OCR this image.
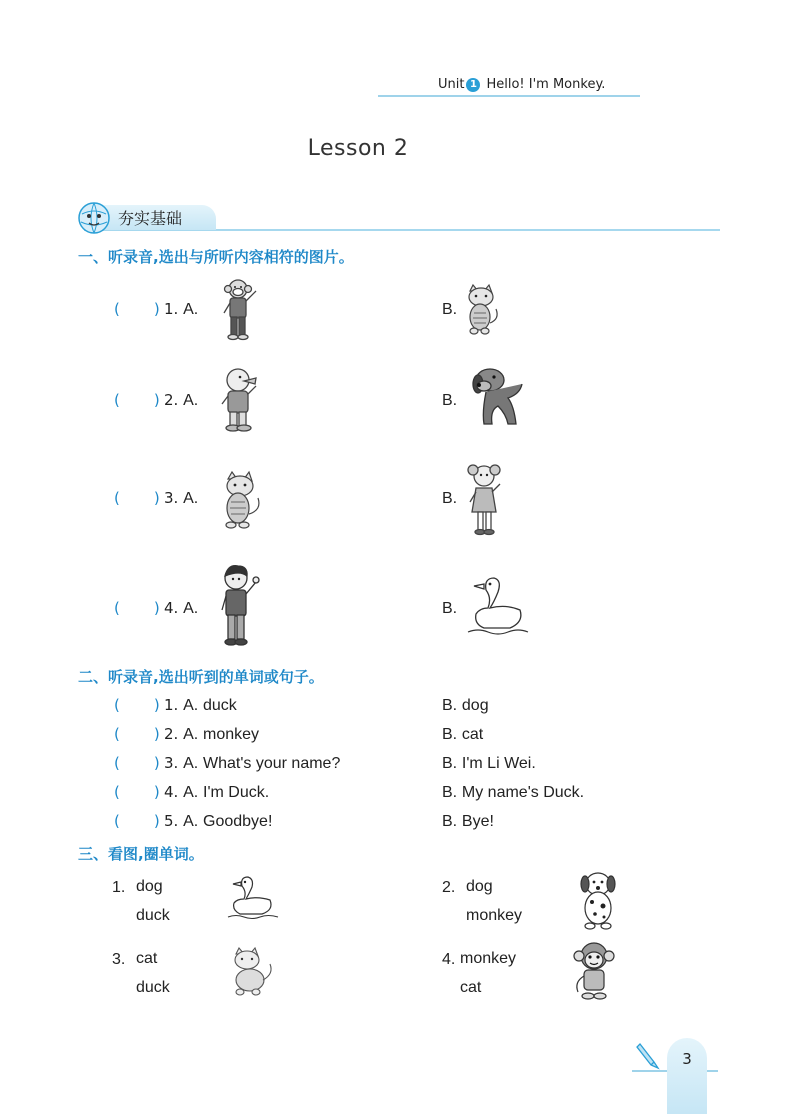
Unit 1 Hello! I'm Monkey.
Lesson 2
夯实基础
一、听录音,选出与所听内容相符的图片。
( ) 1. A.	B.
( ) 2. A.	B.
( ) 3. A.	B.
( ) 4. A.	B.
二、听录音,选出听到的单词或句子。
( ) 1. A. duck	B. dog
( ) 2. A. monkey	B. cat
( ) 3. A. What's your name?	B. I'm Li Wei.
( ) 4. A. I'm Duck.	B. My name's Duck.
( ) 5. A. Goodbye!	B. Bye!
三、看图,圈单词。
1. dog
duck
2. dog
monkey
3. cat
duck
4. monkey
cat
3
